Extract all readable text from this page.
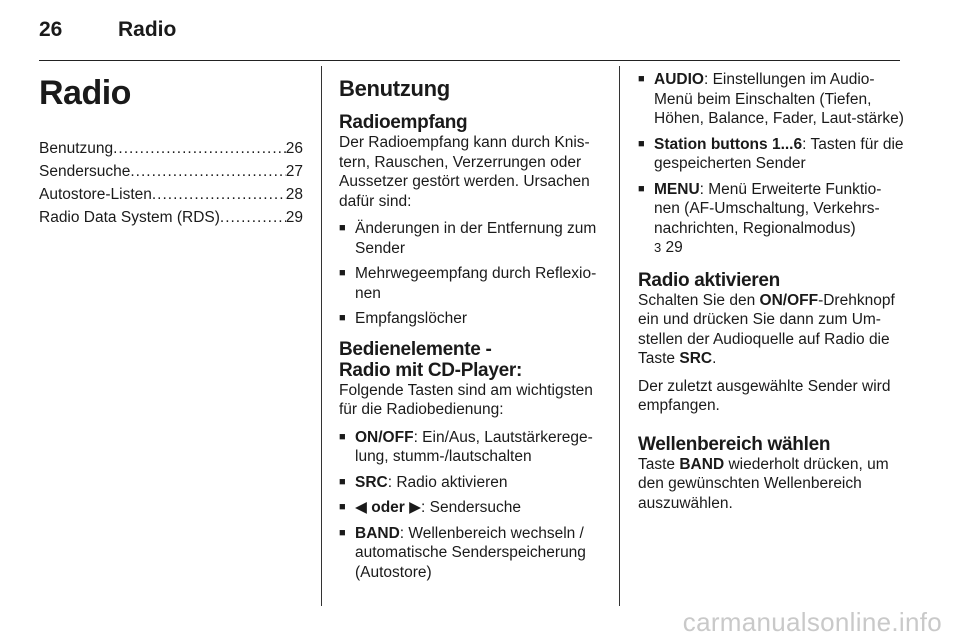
26	Radio
Radio
Benutzung .....	26
Sendersuche .....	27
Autostore-Listen .....	28
Radio Data System (RDS) .....	29
Benutzung
Radioempfang

Der Radioempfang kann durch Knis-tern, Rauschen, Verzerrungen oder Aussetzer gestört werden. Ursachen dafür sind:

■ Änderungen in der Entfernung zum Sender
■ Mehrwegeempfang durch Reflexio-nen
■ Empfangslöcher
Bedienelemente -
Radio mit CD-Player:

Folgende Tasten sind am wichtigsten für die Radiobedienung:

■ ON/OFF: Ein/Aus, Lautstärkerege-lung, stumm-/lautschalten
■ SRC: Radio aktivieren
■ ◀ oder ▶: Sendersuche
■ BAND: Wellenbereich wechseln / automatische Senderspeicherung (Autostore)
■ AUDIO: Einstellungen im Audio-Menü beim Einschalten (Tiefen, Höhen, Balance, Fader, Laut-stärke)
■ Station buttons 1...6: Tasten für die gespeicherten Sender
■ MENU: Menü Erweiterte Funktio-nen (AF-Umschaltung, Verkehrs-nachrichten, Regionalmodus)
3 29
Radio aktivieren

Schalten Sie den ON/OFF-Drehknopf ein und drücken Sie dann zum Um-stellen der Audioquelle auf Radio die Taste SRC.

Der zuletzt ausgewählte Sender wird empfangen.

Wellenbereich wählen

Taste BAND wiederholt drücken, um den gewünschten Wellenbereich auszuwählen.

carmanualsonline.info
